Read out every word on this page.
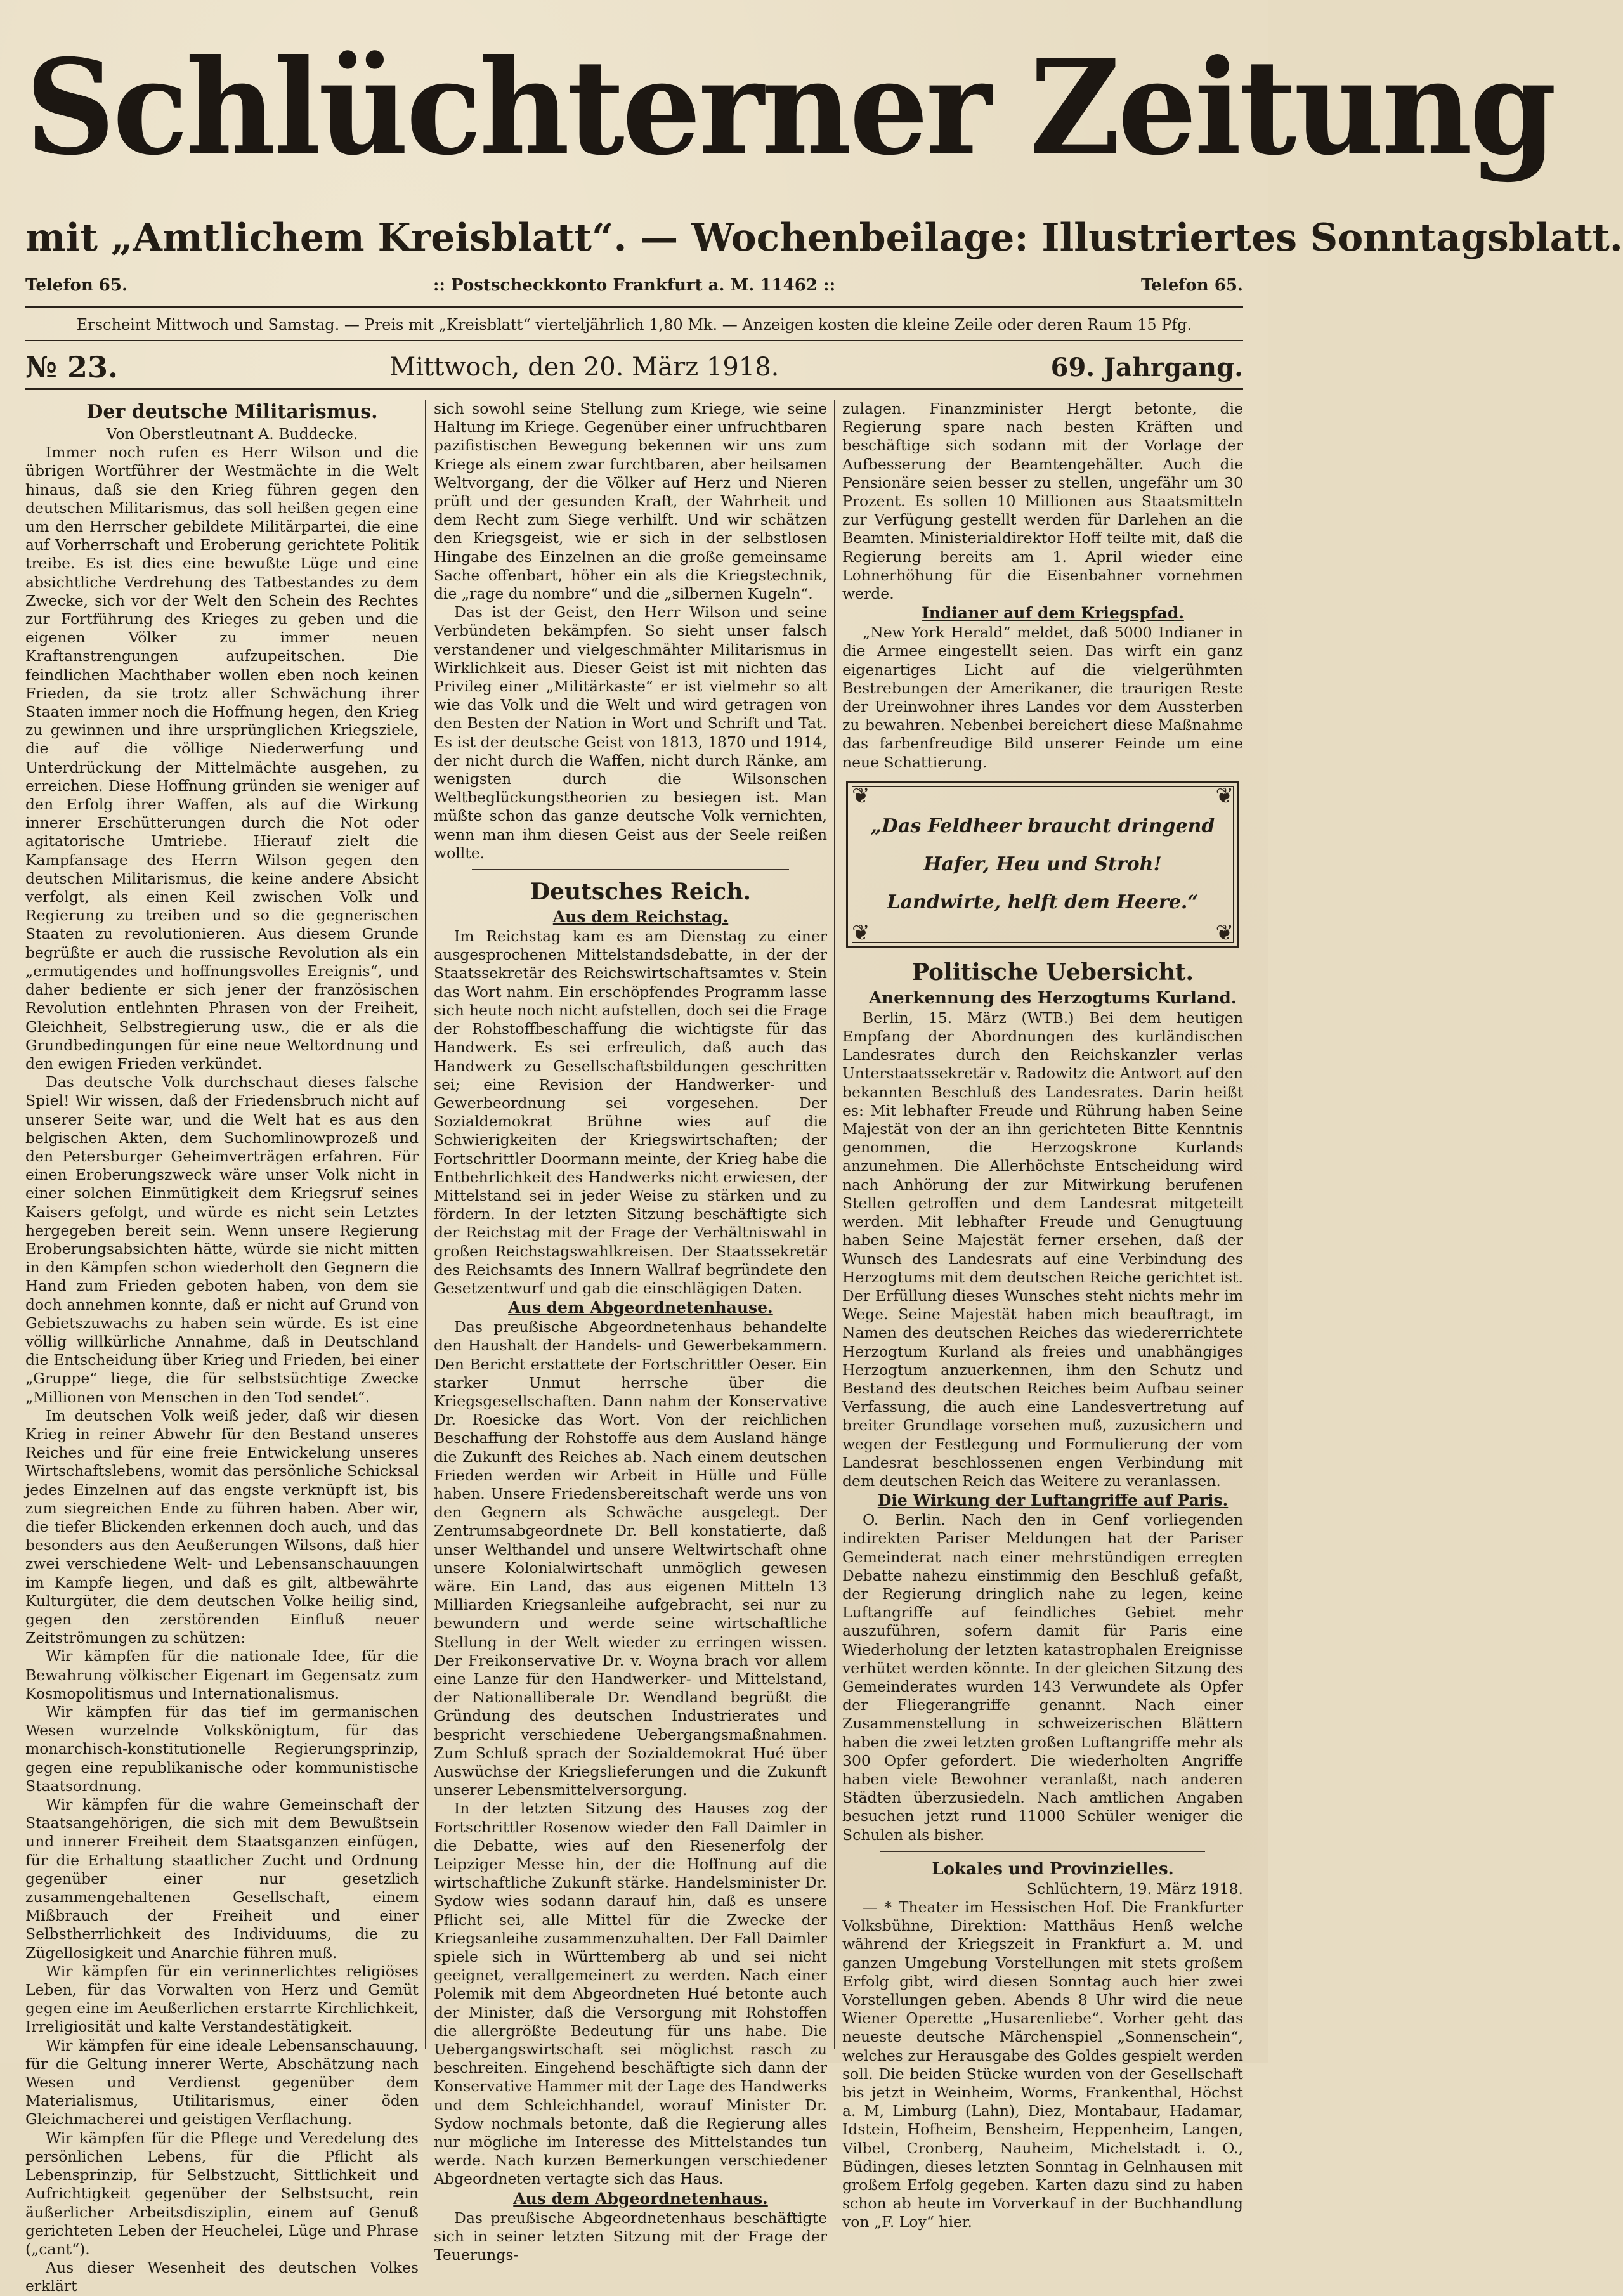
Schlüchterner Zeitung
mit „Amtlichem Kreisblatt“. — Wochenbeilage: Illustriertes Sonntagsblatt.
Telefon 65.	:: Postscheckkonto Frankfurt a. M. 11462 ::	Telefon 65.
Erscheint Mittwoch und Samstag. — Preis mit „Kreisblatt“ vierteljährlich 1,80 Mk. — Anzeigen kosten die kleine Zeile oder deren Raum 15 Pfg.
№ 23.	Mittwoch, den 20. März 1918.	69. Jahrgang.

Der deutsche Militarismus.

Von Oberstleutnant A. Buddecke.

Immer noch rufen es Herr Wilson und die übrigen Wortführer der Westmächte in die Welt hinaus, daß sie den Krieg führen gegen den deutschen Militarismus, das soll heißen gegen eine um den Herrscher gebildete Militärpartei, die eine auf Vorherrschaft und Eroberung gerichtete Politik treibe. Es ist dies eine bewußte Lüge und eine absichtliche Verdrehung des Tatbestandes zu dem Zwecke, sich vor der Welt den Schein des Rechtes zur Fortführung des Krieges zu geben und die eigenen Völker zu immer neuen Kraftanstrengungen aufzupeitschen. Die feindlichen Machthaber wollen eben noch keinen Frieden, da sie trotz aller Schwächung ihrer Staaten immer noch die Hoffnung hegen, den Krieg zu gewinnen und ihre ursprünglichen Kriegsziele, die auf die völlige Niederwerfung und Unterdrückung der Mittelmächte ausgehen, zu erreichen. Diese Hoffnung gründen sie weniger auf den Erfolg ihrer Waffen, als auf die Wirkung innerer Erschütterungen durch die Not oder agitatorische Umtriebe. Hierauf zielt die Kampfansage des Herrn Wilson gegen den deutschen Militarismus, die keine andere Absicht verfolgt, als einen Keil zwischen Volk und Regierung zu treiben und so die gegnerischen Staaten zu revolutionieren. Aus diesem Grunde begrüßte er auch die russische Revolution als ein „ermutigendes und hoffnungsvolles Ereignis“, und daher bediente er sich jener der französischen Revolution entlehnten Phrasen von der Freiheit, Gleichheit, Selbstregierung usw., die er als die Grundbedingungen für eine neue Weltordnung und den ewigen Frieden verkündet.

Das deutsche Volk durchschaut dieses falsche Spiel! Wir wissen, daß der Friedensbruch nicht auf unserer Seite war, und die Welt hat es aus den belgischen Akten, dem Suchomlinowprozeß und den Petersburger Geheimverträgen erfahren. Für einen Eroberungszweck wäre unser Volk nicht in einer solchen Einmütigkeit dem Kriegsruf seines Kaisers gefolgt, und würde es nicht sein Letztes hergegeben bereit sein. Wenn unsere Regierung Eroberungsabsichten hätte, würde sie nicht mitten in den Kämpfen schon wiederholt den Gegnern die Hand zum Frieden geboten haben, von dem sie doch annehmen konnte, daß er nicht auf Grund von Gebietszuwachs zu haben sein würde. Es ist eine völlig willkürliche Annahme, daß in Deutschland die Entscheidung über Krieg und Frieden, bei einer „Gruppe“ liege, die für selbstsüchtige Zwecke „Millionen von Menschen in den Tod sendet“.

Im deutschen Volk weiß jeder, daß wir diesen Krieg in reiner Abwehr für den Bestand unseres Reiches und für eine freie Entwickelung unseres Wirtschaftslebens, womit das persönliche Schicksal jedes Einzelnen auf das engste verknüpft ist, bis zum siegreichen Ende zu führen haben. Aber wir, die tiefer Blickenden erkennen doch auch, und das besonders aus den Aeußerungen Wilsons, daß hier zwei verschiedene Welt- und Lebensanschauungen im Kampfe liegen, und daß es gilt, altbewährte Kulturgüter, die dem deutschen Volke heilig sind, gegen den zerstörenden Einfluß neuer Zeitströmungen zu schützen:

Wir kämpfen für die nationale Idee, für die Bewahrung völkischer Eigenart im Gegensatz zum Kosmopolitismus und Internationalismus.

Wir kämpfen für das tief im germanischen Wesen wurzelnde Volkskönigtum, für das monarchisch-konstitutionelle Regierungsprinzip, gegen eine republikanische oder kommunistische Staatsordnung.

Wir kämpfen für die wahre Gemeinschaft der Staatsangehörigen, die sich mit dem Bewußtsein und innerer Freiheit dem Staatsganzen einfügen, für die Erhaltung staatlicher Zucht und Ordnung gegenüber einer nur gesetzlich zusammengehaltenen Gesellschaft, einem Mißbrauch der Freiheit und einer Selbstherrlichkeit des Individuums, die zu Zügellosigkeit und Anarchie führen muß.

Wir kämpfen für ein verinnerlichtes religiöses Leben, für das Vorwalten von Herz und Gemüt gegen eine im Aeußerlichen erstarrte Kirchlichkeit, Irreligiosität und kalte Verstandestätigkeit.

Wir kämpfen für eine ideale Lebensanschauung, für die Geltung innerer Werte, Abschätzung nach Wesen und Verdienst gegenüber dem Materialismus, Utilitarismus, einer öden Gleichmacherei und geistigen Verflachung.

Wir kämpfen für die Pflege und Veredelung des persönlichen Lebens, für die Pflicht als Lebensprinzip, für Selbstzucht, Sittlichkeit und Aufrichtigkeit gegenüber der Selbstsucht, rein äußerlicher Arbeitsdisziplin, einem auf Genuß gerichteten Leben der Heuchelei, Lüge und Phrase („cant“).

Aus dieser Wesenheit des deutschen Volkes erklärt

sich sowohl seine Stellung zum Kriege, wie seine Haltung im Kriege. Gegenüber einer unfruchtbaren pazifistischen Bewegung bekennen wir uns zum Kriege als einem zwar furchtbaren, aber heilsamen Weltvorgang, der die Völker auf Herz und Nieren prüft und der gesunden Kraft, der Wahrheit und dem Recht zum Siege verhilft. Und wir schätzen den Kriegsgeist, wie er sich in der selbstlosen Hingabe des Einzelnen an die große gemeinsame Sache offenbart, höher ein als die Kriegstechnik, die „rage du nombre“ und die „silbernen Kugeln“.

Das ist der Geist, den Herr Wilson und seine Verbündeten bekämpfen. So sieht unser falsch verstandener und vielgeschmähter Militarismus in Wirklichkeit aus. Dieser Geist ist mit nichten das Privileg einer „Militärkaste“ er ist vielmehr so alt wie das Volk und die Welt und wird getragen von den Besten der Nation in Wort und Schrift und Tat. Es ist der deutsche Geist von 1813, 1870 und 1914, der nicht durch die Waffen, nicht durch Ränke, am wenigsten durch die Wilsonschen Weltbeglückungstheorien zu besiegen ist. Man müßte schon das ganze deutsche Volk vernichten, wenn man ihm diesen Geist aus der Seele reißen wollte.

Deutsches Reich.

Aus dem Reichstag.

Im Reichstag kam es am Dienstag zu einer ausgesprochenen Mittelstandsdebatte, in der der Staatssekretär des Reichswirtschaftsamtes v. Stein das Wort nahm. Ein erschöpfendes Programm lasse sich heute noch nicht aufstellen, doch sei die Frage der Rohstoffbeschaffung die wichtigste für das Handwerk. Es sei erfreulich, daß auch das Handwerk zu Gesellschaftsbildungen geschritten sei; eine Revision der Handwerker- und Gewerbeordnung sei vorgesehen. Der Sozialdemokrat Brühne wies auf die Schwierigkeiten der Kriegswirtschaften; der Fortschrittler Doormann meinte, der Krieg habe die Entbehrlichkeit des Handwerks nicht erwiesen, der Mittelstand sei in jeder Weise zu stärken und zu fördern. In der letzten Sitzung beschäftigte sich der Reichstag mit der Frage der Verhältniswahl in großen Reichstagswahlkreisen. Der Staatssekretär des Reichsamts des Innern Wallraf begründete den Gesetzentwurf und gab die einschlägigen Daten.

Aus dem Abgeordnetenhause.

Das preußische Abgeordnetenhaus behandelte den Haushalt der Handels- und Gewerbekammern. Den Bericht erstattete der Fortschrittler Oeser. Ein starker Unmut herrsche über die Kriegsgesellschaften. Dann nahm der Konservative Dr. Roesicke das Wort. Von der reichlichen Beschaffung der Rohstoffe aus dem Ausland hänge die Zukunft des Reiches ab. Nach einem deutschen Frieden werden wir Arbeit in Hülle und Fülle haben. Unsere Friedensbereitschaft werde uns von den Gegnern als Schwäche ausgelegt. Der Zentrumsabgeordnete Dr. Bell konstatierte, daß unser Welthandel und unsere Weltwirtschaft ohne unsere Kolonialwirtschaft unmöglich gewesen wäre. Ein Land, das aus eigenen Mitteln 13 Milliarden Kriegsanleihe aufgebracht, sei nur zu bewundern und werde seine wirtschaftliche Stellung in der Welt wieder zu erringen wissen. Der Freikonservative Dr. v. Woyna brach vor allem eine Lanze für den Handwerker- und Mittelstand, der Nationalliberale Dr. Wendland begrüßt die Gründung des deutschen Industrierates und bespricht verschiedene Uebergangsmaßnahmen. Zum Schluß sprach der Sozialdemokrat Hué über Auswüchse der Kriegslieferungen und die Zukunft unserer Lebensmittelversorgung.

In der letzten Sitzung des Hauses zog der Fortschrittler Rosenow wieder den Fall Daimler in die Debatte, wies auf den Riesenerfolg der Leipziger Messe hin, der die Hoffnung auf die wirtschaftliche Zukunft stärke. Handelsminister Dr. Sydow wies sodann darauf hin, daß es unsere Pflicht sei, alle Mittel für die Zwecke der Kriegsanleihe zusammenzuhalten. Der Fall Daimler spiele sich in Württemberg ab und sei nicht geeignet, verallgemeinert zu werden. Nach einer Polemik mit dem Abgeordneten Hué betonte auch der Minister, daß die Versorgung mit Rohstoffen die allergrößte Bedeutung für uns habe. Die Uebergangswirtschaft sei möglichst rasch zu beschreiten. Eingehend beschäftigte sich dann der Konservative Hammer mit der Lage des Handwerks und dem Schleichhandel, worauf Minister Dr. Sydow nochmals betonte, daß die Regierung alles nur mögliche im Interesse des Mittelstandes tun werde. Nach kurzen Bemerkungen verschiedener Abgeordneten vertagte sich das Haus.

Aus dem Abgeordnetenhaus.

Das preußische Abgeordnetenhaus beschäftigte sich in seiner letzten Sitzung mit der Frage der Teuerungs-

zulagen. Finanzminister Hergt betonte, die Regierung spare nach besten Kräften und beschäftige sich sodann mit der Vorlage der Aufbesserung der Beamtengehälter. Auch die Pensionäre seien besser zu stellen, ungefähr um 30 Prozent. Es sollen 10 Millionen aus Staatsmitteln zur Verfügung gestellt werden für Darlehen an die Beamten. Ministerialdirektor Hoff teilte mit, daß die Regierung bereits am 1. April wieder eine Lohnerhöhung für die Eisenbahner vornehmen werde.

Indianer auf dem Kriegspfad.

„New York Herald“ meldet, daß 5000 Indianer in die Armee eingestellt seien. Das wirft ein ganz eigenartiges Licht auf die vielgerühmten Bestrebungen der Amerikaner, die traurigen Reste der Ureinwohner ihres Landes vor dem Aussterben zu bewahren. Nebenbei bereichert diese Maßnahme das farbenfreudige Bild unserer Feinde um eine neue Schattierung.

❦	❦
❦	❦
„Das Feldheer braucht dringend
Hafer, Heu und Stroh!
Landwirte, helft dem Heere.“

Politische Uebersicht.

Anerkennung des Herzogtums Kurland.

Berlin, 15. März (WTB.) Bei dem heutigen Empfang der Abordnungen des kurländischen Landesrates durch den Reichskanzler verlas Unterstaatssekretär v. Radowitz die Antwort auf den bekannten Beschluß des Landesrates. Darin heißt es: Mit lebhafter Freude und Rührung haben Seine Majestät von der an ihn gerichteten Bitte Kenntnis genommen, die Herzogskrone Kurlands anzunehmen. Die Allerhöchste Entscheidung wird nach Anhörung der zur Mitwirkung berufenen Stellen getroffen und dem Landesrat mitgeteilt werden. Mit lebhafter Freude und Genugtuung haben Seine Majestät ferner ersehen, daß der Wunsch des Landesrats auf eine Verbindung des Herzogtums mit dem deutschen Reiche gerichtet ist. Der Erfüllung dieses Wunsches steht nichts mehr im Wege. Seine Majestät haben mich beauftragt, im Namen des deutschen Reiches das wiedererrichtete Herzogtum Kurland als freies und unabhängiges Herzogtum anzuerkennen, ihm den Schutz und Bestand des deutschen Reiches beim Aufbau seiner Verfassung, die auch eine Landesvertretung auf breiter Grundlage vorsehen muß, zuzusichern und wegen der Festlegung und Formulierung der vom Landesrat beschlossenen engen Verbindung mit dem deutschen Reich das Weitere zu veranlassen.

Die Wirkung der Luftangriffe auf Paris.

O. Berlin. Nach den in Genf vorliegenden indirekten Pariser Meldungen hat der Pariser Gemeinderat nach einer mehrstündigen erregten Debatte nahezu einstimmig den Beschluß gefaßt, der Regierung dringlich nahe zu legen, keine Luftangriffe auf feindliches Gebiet mehr auszuführen, sofern damit für Paris eine Wiederholung der letzten katastrophalen Ereignisse verhütet werden könnte. In der gleichen Sitzung des Gemeinderates wurden 143 Verwundete als Opfer der Fliegerangriffe genannt. Nach einer Zusammenstellung in schweizerischen Blättern haben die zwei letzten großen Luftangriffe mehr als 300 Opfer gefordert. Die wiederholten Angriffe haben viele Bewohner veranlaßt, nach anderen Städten überzusiedeln. Nach amtlichen Angaben besuchen jetzt rund 11000 Schüler weniger die Schulen als bisher.

Lokales und Provinzielles.

Schlüchtern, 19. März 1918.

— * Theater im Hessischen Hof. Die Frankfurter Volksbühne, Direktion: Matthäus Henß welche während der Kriegszeit in Frankfurt a. M. und ganzen Umgebung Vorstellungen mit stets großem Erfolg gibt, wird diesen Sonntag auch hier zwei Vorstellungen geben. Abends 8 Uhr wird die neue Wiener Operette „Husarenliebe“. Vorher geht das neueste deutsche Märchenspiel „Sonnenschein“, welches zur Herausgabe des Goldes gespielt werden soll. Die beiden Stücke wurden von der Gesellschaft bis jetzt in Weinheim, Worms, Frankenthal, Höchst a. M, Limburg (Lahn), Diez, Montabaur, Hadamar, Idstein, Hofheim, Bensheim, Heppenheim, Langen, Vilbel, Cronberg, Nauheim, Michelstadt i. O., Büdingen, dieses letzten Sonntag in Gelnhausen mit großem Erfolg gegeben. Karten dazu sind zu haben schon ab heute im Vorverkauf in der Buchhandlung von „F. Loy“ hier.
